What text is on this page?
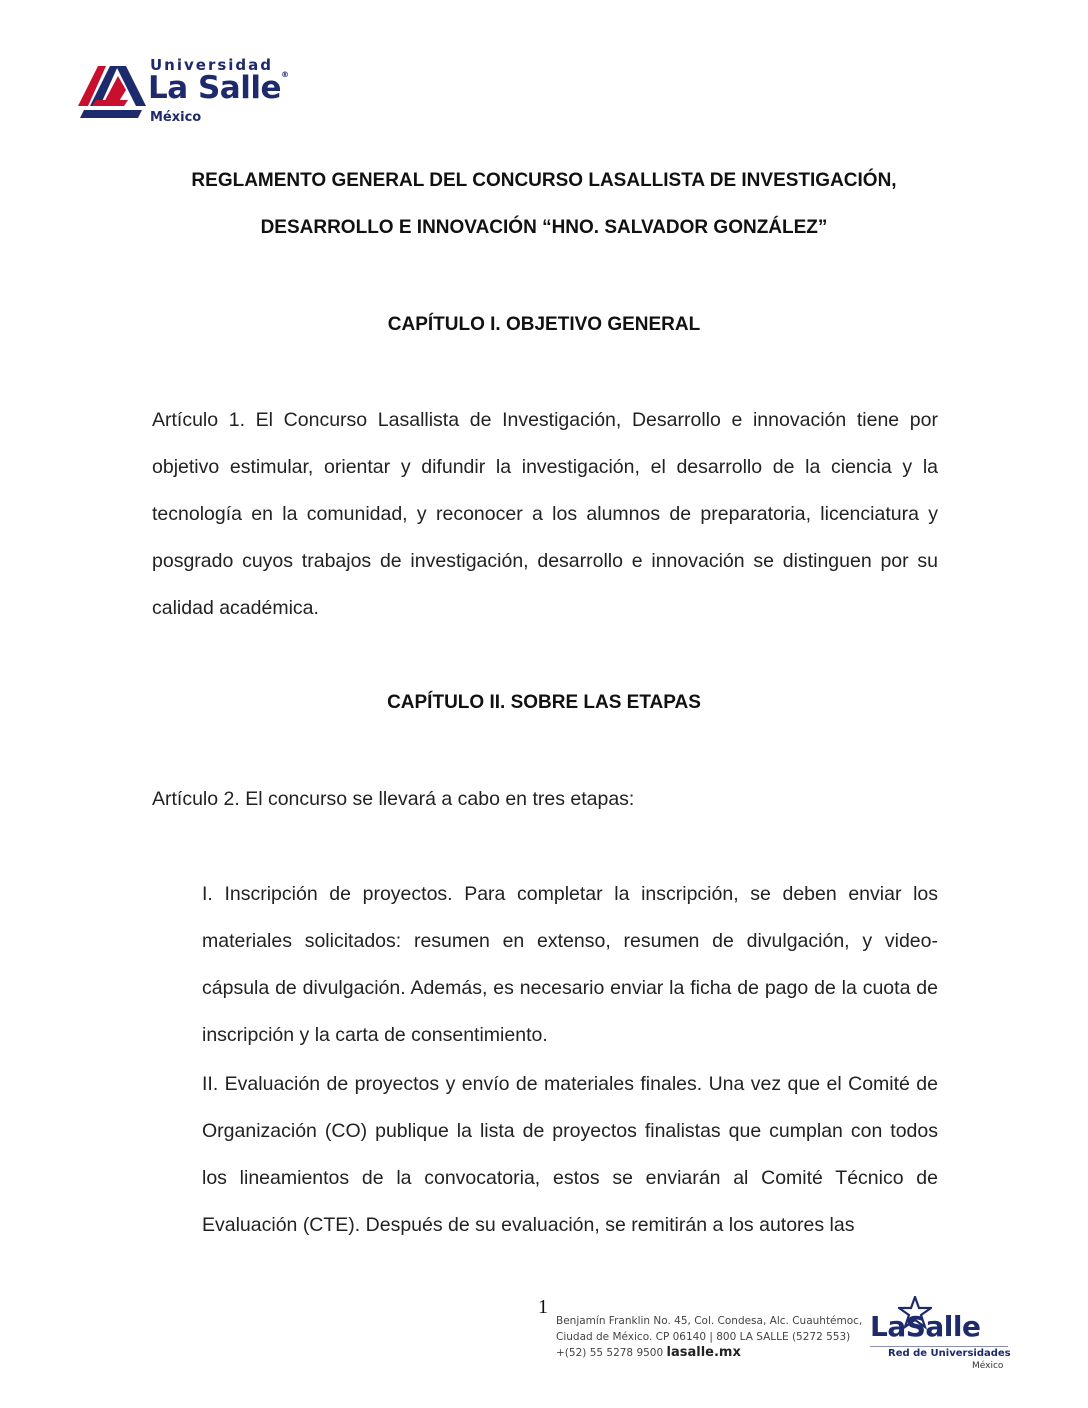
Universidad
La Salle®
México
REGLAMENTO GENERAL DEL CONCURSO LASALLISTA DE INVESTIGACIÓN,
DESARROLLO E INNOVACIÓN “HNO. SALVADOR GONZÁLEZ”
CAPÍTULO I. OBJETIVO GENERAL

Artículo 1. El Concurso Lasallista de Investigación, Desarrollo e innovación tiene por objetivo estimular, orientar y difundir la investigación, el desarrollo de la ciencia y la tecnología en la comunidad, y reconocer a los alumnos de preparatoria, licenciatura y posgrado cuyos trabajos de investigación, desarrollo e innovación se distinguen por su calidad académica.

CAPÍTULO II. SOBRE LAS ETAPAS

Artículo 2. El concurso se llevará a cabo en tres etapas:

I. Inscripción de proyectos. Para completar la inscripción, se deben enviar los materiales solicitados: resumen en extenso, resumen de divulgación, y video-cápsula de divulgación. Además, es necesario enviar la ficha de pago de la cuota de inscripción y la carta de consentimiento.

II. Evaluación de proyectos y envío de materiales finales. Una vez que el Comité de Organización (CO) publique la lista de proyectos finalistas que cumplan con todos los lineamientos de la convocatoria, estos se enviarán al Comité Técnico de Evaluación (CTE). Después de su evaluación, se remitirán a los autores las

1
Benjamín Franklin No. 45, Col. Condesa, Alc. Cuauhtémoc,
Ciudad de México. CP 06140 | 800 LA SALLE (5272 553)
+(52) 55 5278 9500 lasalle.mx
LaSalle
Red de Universidades
México
